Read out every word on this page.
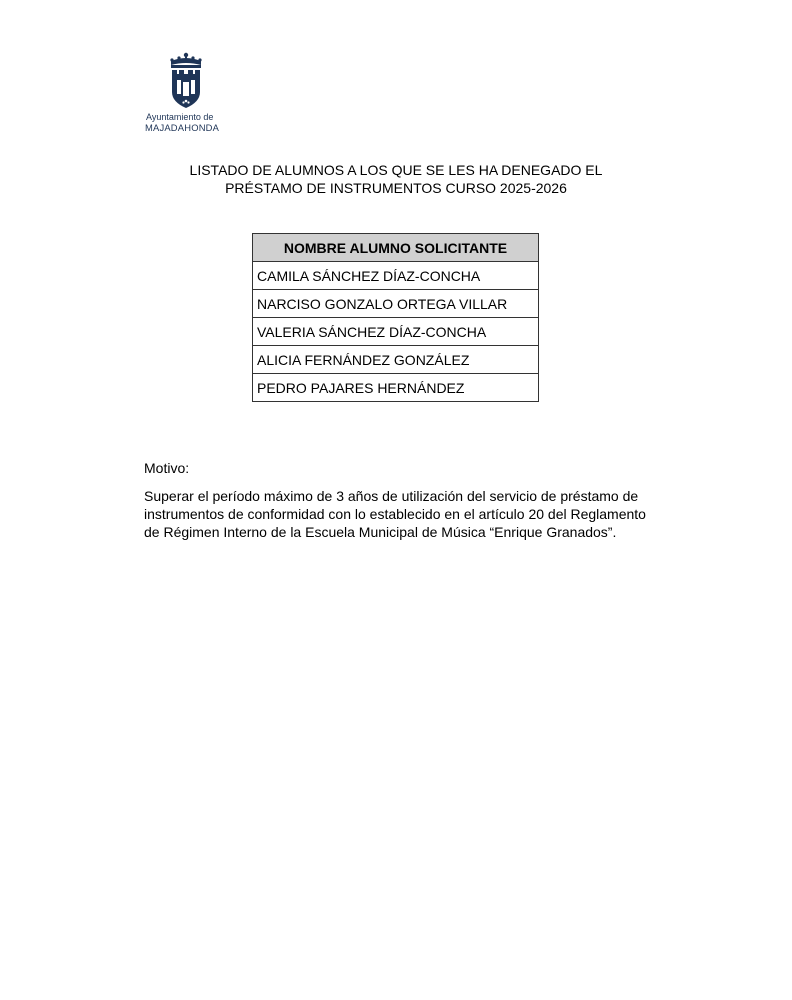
Ayuntamiento de
MAJADAHONDA
LISTADO DE ALUMNOS A LOS QUE SE LES HA DENEGADO EL
PRÉSTAMO DE INSTRUMENTOS CURSO 2025-2026
NOMBRE ALUMNO SOLICITANTE
CAMILA SÁNCHEZ DÍAZ-CONCHA
NARCISO GONZALO ORTEGA VILLAR
VALERIA SÁNCHEZ DÍAZ-CONCHA
ALICIA FERNÁNDEZ GONZÁLEZ
PEDRO PAJARES HERNÁNDEZ
Motivo:
Superar el período máximo de 3 años de utilización del servicio de préstamo de
instrumentos de conformidad con lo establecido en el artículo 20 del Reglamento
de Régimen Interno de la Escuela Municipal de Música “Enrique Granados”.
